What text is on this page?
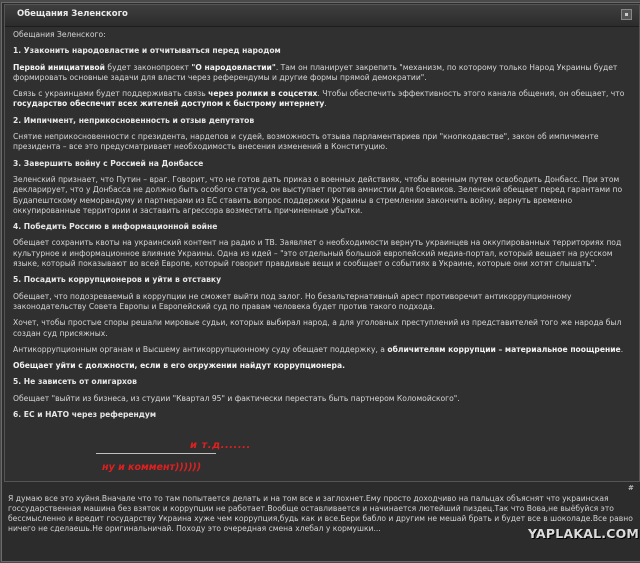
Обещания Зеленского

Обещания Зеленского:

1. Узаконить народовластие и отчитываться перед народом

Первой инициативой будет законопроект "О народовластии". Там он планирует закрепить "механизм, по которому только Народ Украины будет формировать основные задачи для власти через референдумы и другие формы прямой демократии".

Связь с украинцами будет поддерживать связь через ролики в соцсетях. Чтобы обеспечить эффективность этого канала общения, он обещает, что государство обеспечит всех жителей доступом к быстрому интернету.

2. Импичмент, неприкосновенность и отзыв депутатов

Снятие неприкосновенности с президента, нардепов и судей, возможность отзыва парламентариев при "кнопкодавстве", закон об импичменте президента – все это предусматривает необходимость внесения изменений в Конституцию.

3. Завершить войну с Россией на Донбассе

Зеленский признает, что Путин – враг. Говорит, что не готов дать приказ о военных действиях, чтобы военным путем освободить Донбасс. При этом декларирует, что у Донбасса не должно быть особого статуса, он выступает против амнистии для боевиков. Зеленский обещает перед гарантами по Будапештскому меморандуму и партнерами из ЕС ставить вопрос поддержки Украины в стремлении закончить войну, вернуть временно оккупированные территории и заставить агрессора возместить причиненные убытки.

4. Победить Россию в информационной войне

Обещает сохранить квоты на украинский контент на радио и ТВ. Заявляет о необходимости вернуть украинцев на оккупированных территориях под культурное и информационное влияние Украины. Одна из идей – "это отдельный большой европейский медиа-портал, который вещает на русском языке, который показывают во всей Европе, который говорит правдивые вещи и сообщает о событиях в Украине, которые они хотят слышать".

5. Посадить коррупционеров и уйти в отставку

Обещает, что подозреваемый в коррупции не сможет выйти под залог. Но безальтернативный арест противоречит антикоррупционному законодательству Совета Европы и Европейский суд по правам человека будет против такого подхода.

Хочет, чтобы простые споры решали мировые судьи, которых выбирал народ, а для уголовных преступлений из представителей того же народа был создан суд присяжных.

Антикоррупционным органам и Высшему антикоррупционному суду обещает поддержку, а обличителям коррупции – материальное поощрение.

Обещает уйти с должности, если в его окружении найдут коррупционера.

5. Не зависеть от олигархов

Обещает "выйти из бизнеса, из студии "Квартал 95" и фактически перестать быть партнером Коломойского".

6. ЕС и НАТО через референдум

и т.д.......
ну и коммент))))))
#
Я думаю все это хуйня.Вначале что то там попытается делать и на том все и заглохнет.Ему просто доходчиво на пальцах объяснят что украинская госсударственная машина без взяток и коррупции не работает.Вообще оставливается и начинается лютейший пиздец.Так что Вова,не выёбуйся это бессмысленно и вредит государству Украина хуже чем коррупция,будь как и все.Бери бабло и другим не мешай брать и будет все в шоколаде.Все равно ничего не сделаешь.Не оригинальничай. Походу это очередная смена хлебал у кормушки...	YAPLAKAL.COM
